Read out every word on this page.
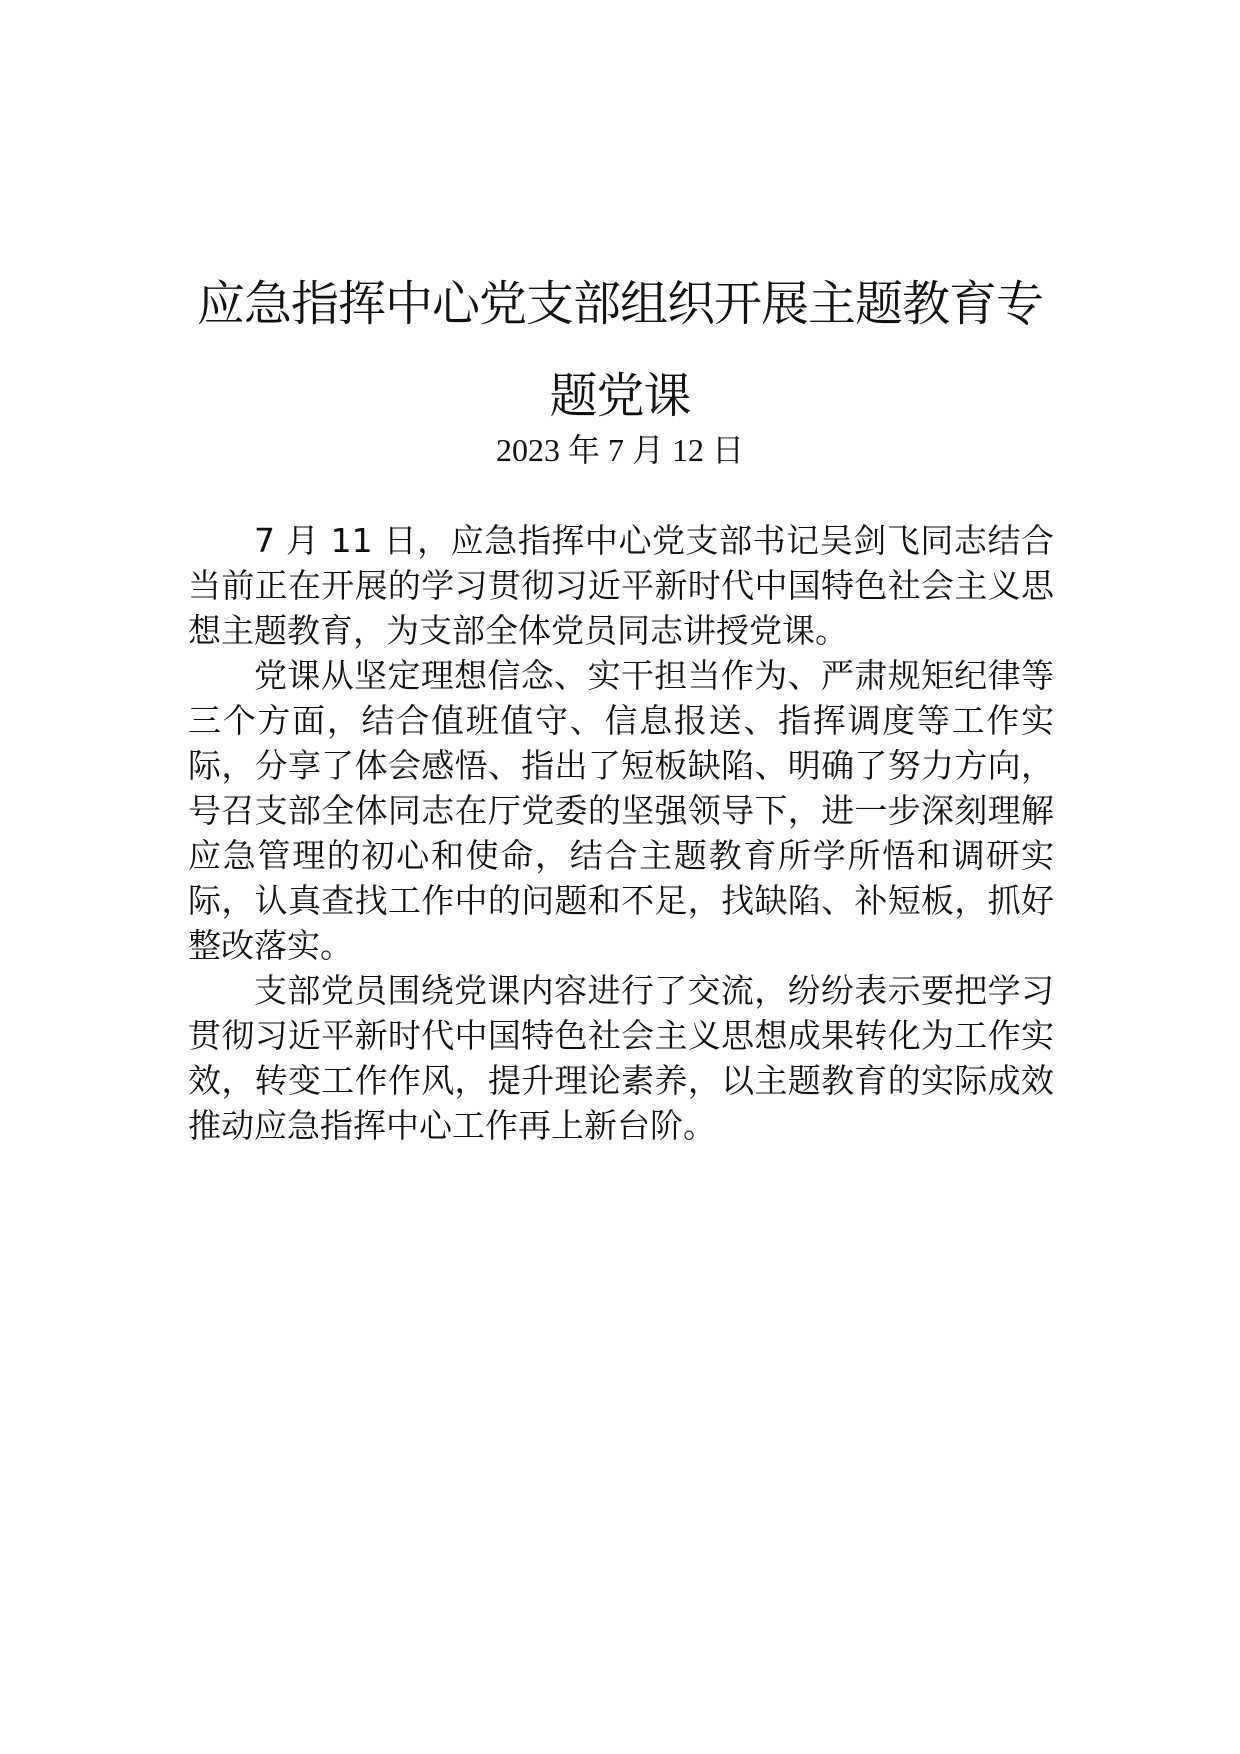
应急指挥中心党支部组织开展主题教育专题党课
2023 年 7 月 12 日

7 月 11 日，应急指挥中心党支部书记吴剑飞同志结合当前正在开展的学习贯彻习近平新时代中国特色社会主义思想主题教育，为支部全体党员同志讲授党课。

党课从坚定理想信念、实干担当作为、严肃规矩纪律等三个方面，结合值班值守、信息报送、指挥调度等工作实际，分享了体会感悟、指出了短板缺陷、明确了努力方向，号召支部全体同志在厅党委的坚强领导下，进一步深刻理解应急管理的初心和使命，结合主题教育所学所悟和调研实际，认真查找工作中的问题和不足，找缺陷、补短板，抓好整改落实。

支部党员围绕党课内容进行了交流，纷纷表示要把学习贯彻习近平新时代中国特色社会主义思想成果转化为工作实效，转变工作作风，提升理论素养，以主题教育的实际成效推动应急指挥中心工作再上新台阶。
